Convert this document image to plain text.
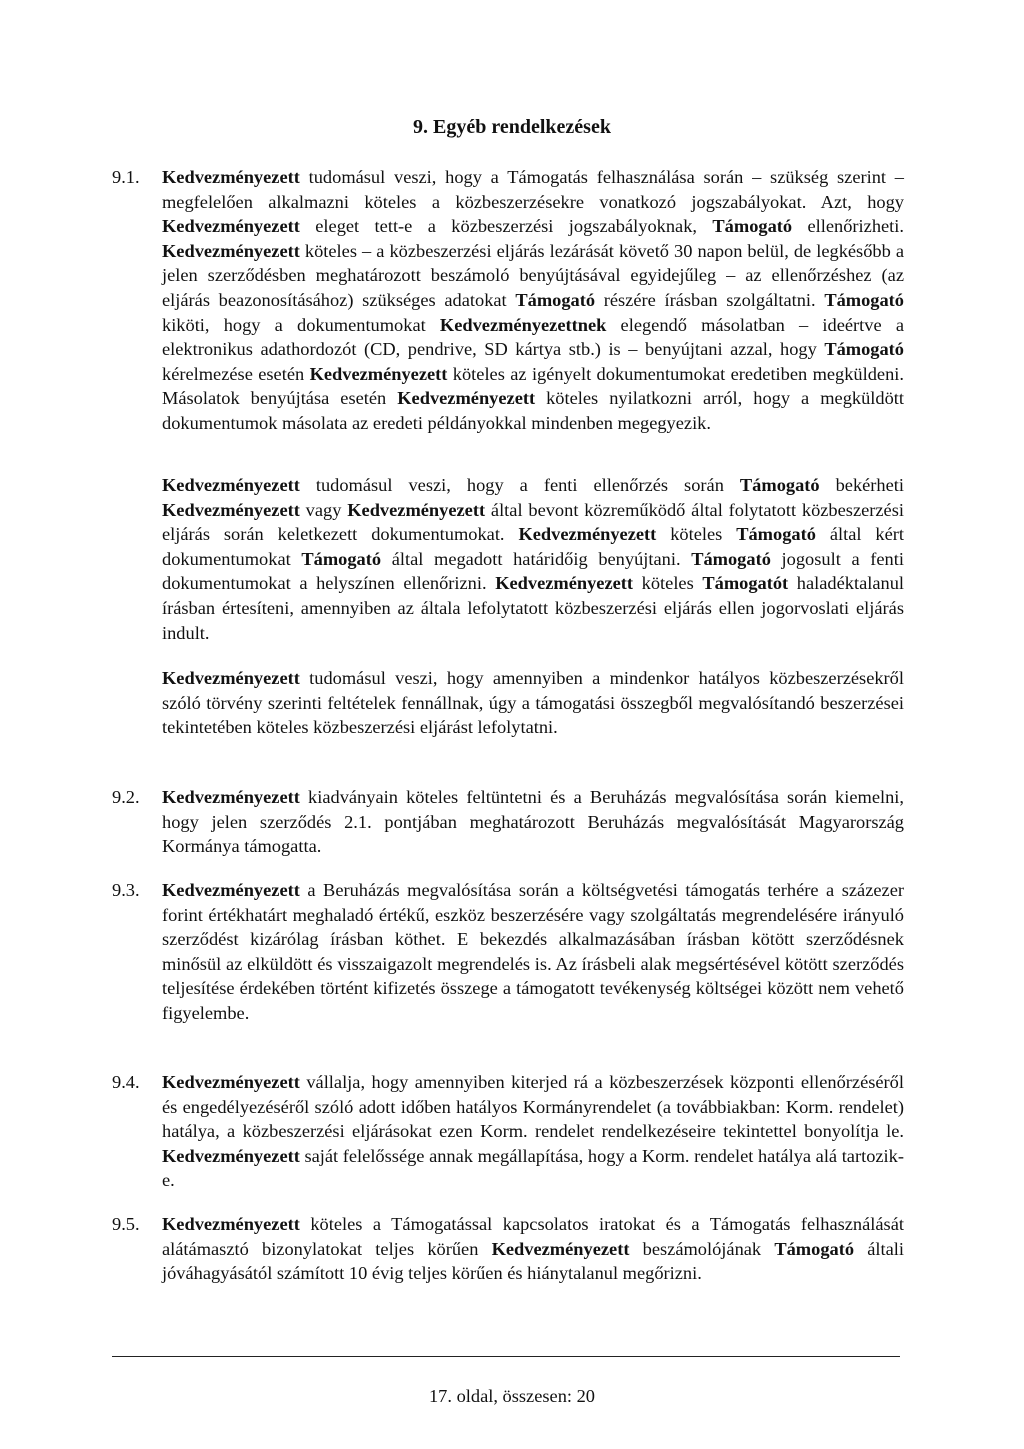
9. Egyéb rendelkezések
9.1. Kedvezményezett tudomásul veszi, hogy a Támogatás felhasználása során – szükség szerint – megfelelően alkalmazni köteles a közbeszerzésekre vonatkozó jogszabályokat. Azt, hogy Kedvezményezett eleget tett-e a közbeszerzési jogszabályoknak, Támogató ellenőrizheti. Kedvezményezett köteles – a közbeszerzési eljárás lezárását követő 30 napon belül, de legkésőbb a jelen szerződésben meghatározott beszámoló benyújtásával egyidejűleg – az ellenőrzéshez (az eljárás beazonosításához) szükséges adatokat Támogató részére írásban szolgáltatni. Támogató kiköti, hogy a dokumentumokat Kedvezményezettnek elegendő másolatban – ideértve a elektronikus adathordozót (CD, pendrive, SD kártya stb.) is – benyújtani azzal, hogy Támogató kérelmezése esetén Kedvezményezett köteles az igényelt dokumentumokat eredetiben megküldeni. Másolatok benyújtása esetén Kedvezményezett köteles nyilatkozni arról, hogy a megküldött dokumentumok másolata az eredeti példányokkal mindenben megegyezik.

Kedvezményezett tudomásul veszi, hogy a fenti ellenőrzés során Támogató bekérheti Kedvezményezett vagy Kedvezményezett által bevont közreműködő által folytatott közbeszerzési eljárás során keletkezett dokumentumokat. Kedvezményezett köteles Támogató által kért dokumentumokat Támogató által megadott határidőig benyújtani. Támogató jogosult a fenti dokumentumokat a helyszínen ellenőrizni. Kedvezményezett köteles Támogatót haladéktalanul írásban értesíteni, amennyiben az általa lefolytatott közbeszerzési eljárás ellen jogorvoslati eljárás indult.

Kedvezményezett tudomásul veszi, hogy amennyiben a mindenkor hatályos közbeszerzésekről szóló törvény szerinti feltételek fennállnak, úgy a támogatási összegből megvalósítandó beszerzései tekintetében köteles közbeszerzési eljárást lefolytatni.

9.2. Kedvezményezett kiadványain köteles feltüntetni és a Beruházás megvalósítása során kiemelni, hogy jelen szerződés 2.1. pontjában meghatározott Beruházás megvalósítását Magyarország Kormánya támogatta.

9.3. Kedvezményezett a Beruházás megvalósítása során a költségvetési támogatás terhére a százezer forint értékhatárt meghaladó értékű, eszköz beszerzésére vagy szolgáltatás megrendelésére irányuló szerződést kizárólag írásban köthet. E bekezdés alkalmazásában írásban kötött szerződésnek minősül az elküldött és visszaigazolt megrendelés is. Az írásbeli alak megsértésével kötött szerződés teljesítése érdekében történt kifizetés összege a támogatott tevékenység költségei között nem vehető figyelembe.

9.4. Kedvezményezett vállalja, hogy amennyiben kiterjed rá a közbeszerzések központi ellenőrzéséről és engedélyezéséről szóló adott időben hatályos Kormányrendelet (a továbbiakban: Korm. rendelet) hatálya, a közbeszerzési eljárásokat ezen Korm. rendelet rendelkezéseire tekintettel bonyolítja le. Kedvezményezett saját felelőssége annak megállapítása, hogy a Korm. rendelet hatálya alá tartozik-e.

9.5. Kedvezményezett köteles a Támogatással kapcsolatos iratokat és a Támogatás felhasználását alátámasztó bizonylatokat teljes körűen Kedvezményezett beszámolójának Támogató általi jóváhagyásától számított 10 évig teljes körűen és hiánytalanul megőrizni.

17. oldal, összesen: 20
